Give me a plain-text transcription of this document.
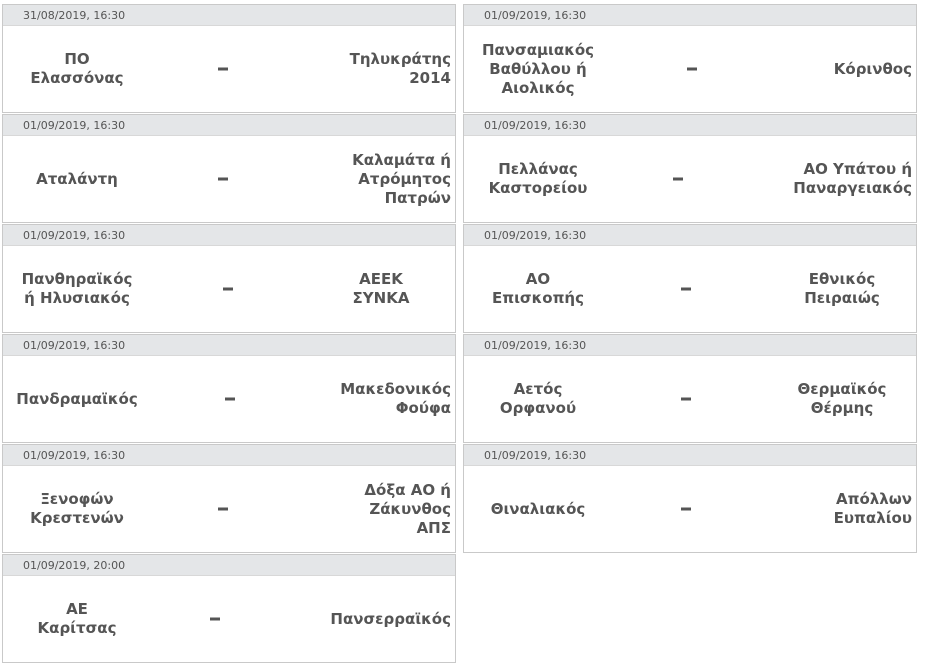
31/08/2019, 16:30
ΠΟ
Ελασσόνας
Τηλυκράτης
2014
01/09/2019, 16:30
Πανσαμιακός
Βαθύλλου ή
Αιολικός
Κόρινθος
01/09/2019, 16:30
Αταλάντη
Καλαμάτα ή
Ατρόμητος
Πατρών
01/09/2019, 16:30
Πελλάνας
Καστορείου
ΑΟ Υπάτου ή
Παναργειακός
01/09/2019, 16:30
Πανθηραϊκός
ή Ηλυσιακός
ΑΕΕΚ
ΣΥΝΚΑ
01/09/2019, 16:30
ΑΟ
Επισκοπής
Εθνικός
Πειραιώς
01/09/2019, 16:30
Πανδραμαϊκός
Μακεδονικός
Φούφα
01/09/2019, 16:30
Αετός
Ορφανού
Θερμαϊκός
Θέρμης
01/09/2019, 16:30
Ξενοφών
Κρεστενών
Δόξα ΑΟ ή
Ζάκυνθος
ΑΠΣ
01/09/2019, 16:30
Θιναλιακός
Απόλλων
Ευπαλίου
01/09/2019, 20:00
ΑΕ
Καρίτσας
Πανσερραϊκός
